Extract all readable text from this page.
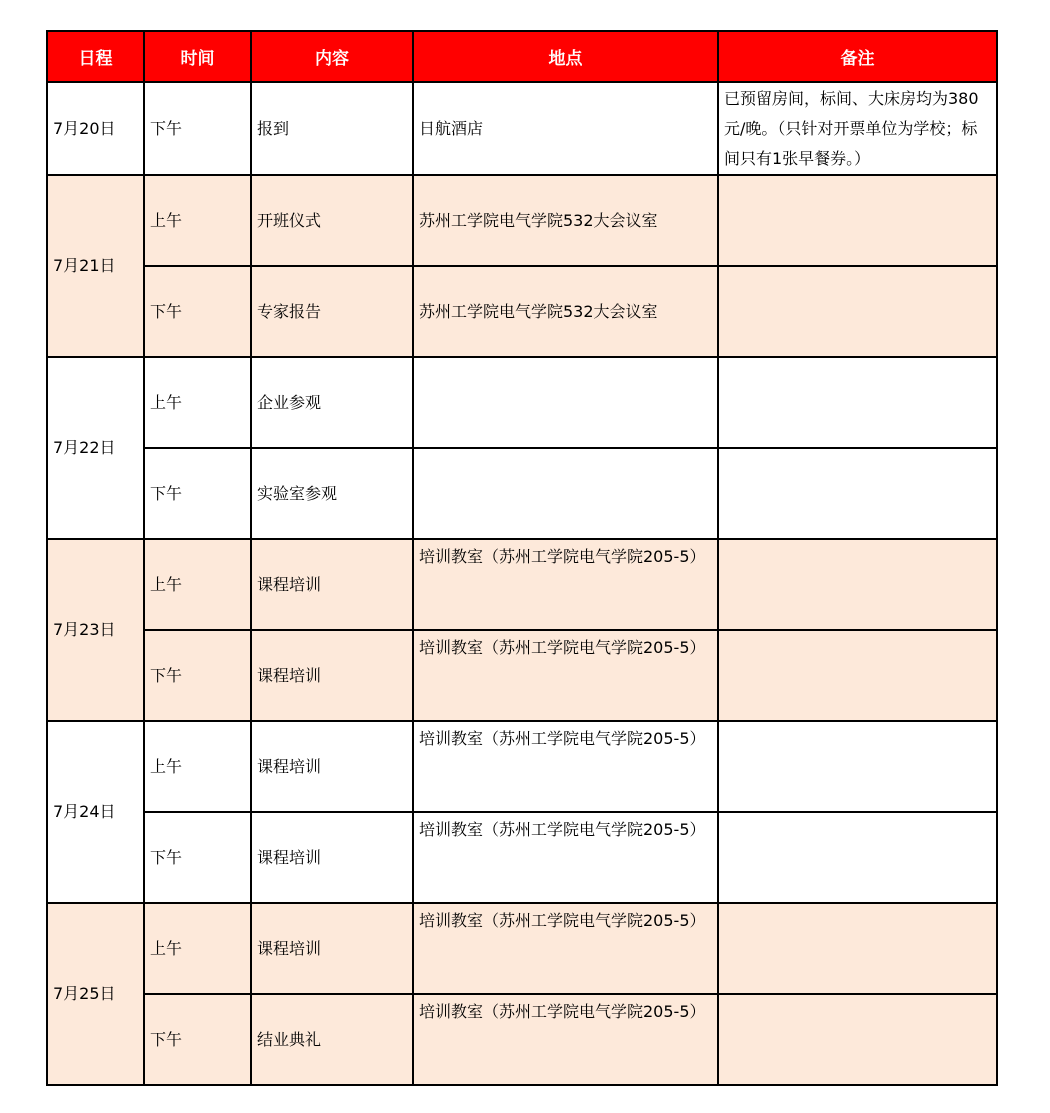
日程	时间	内容	地点	备注
7月20日	下午	报到	日航酒店	已预留房间，标间、大床房均为380元/晚。（只针对开票单位为学校；标间只有1张早餐券。）
7月21日	上午	开班仪式	苏州工学院电气学院532大会议室	
	下午	专家报告	苏州工学院电气学院532大会议室	
7月22日	上午	企业参观		
	下午	实验室参观		
7月23日	上午	课程培训	培训教室（苏州工学院电气学院205-5）	
	下午	课程培训	培训教室（苏州工学院电气学院205-5）	
7月24日	上午	课程培训	培训教室（苏州工学院电气学院205-5）	
	下午	课程培训	培训教室（苏州工学院电气学院205-5）	
7月25日	上午	课程培训	培训教室（苏州工学院电气学院205-5）	
	下午	结业典礼	培训教室（苏州工学院电气学院205-5）	
